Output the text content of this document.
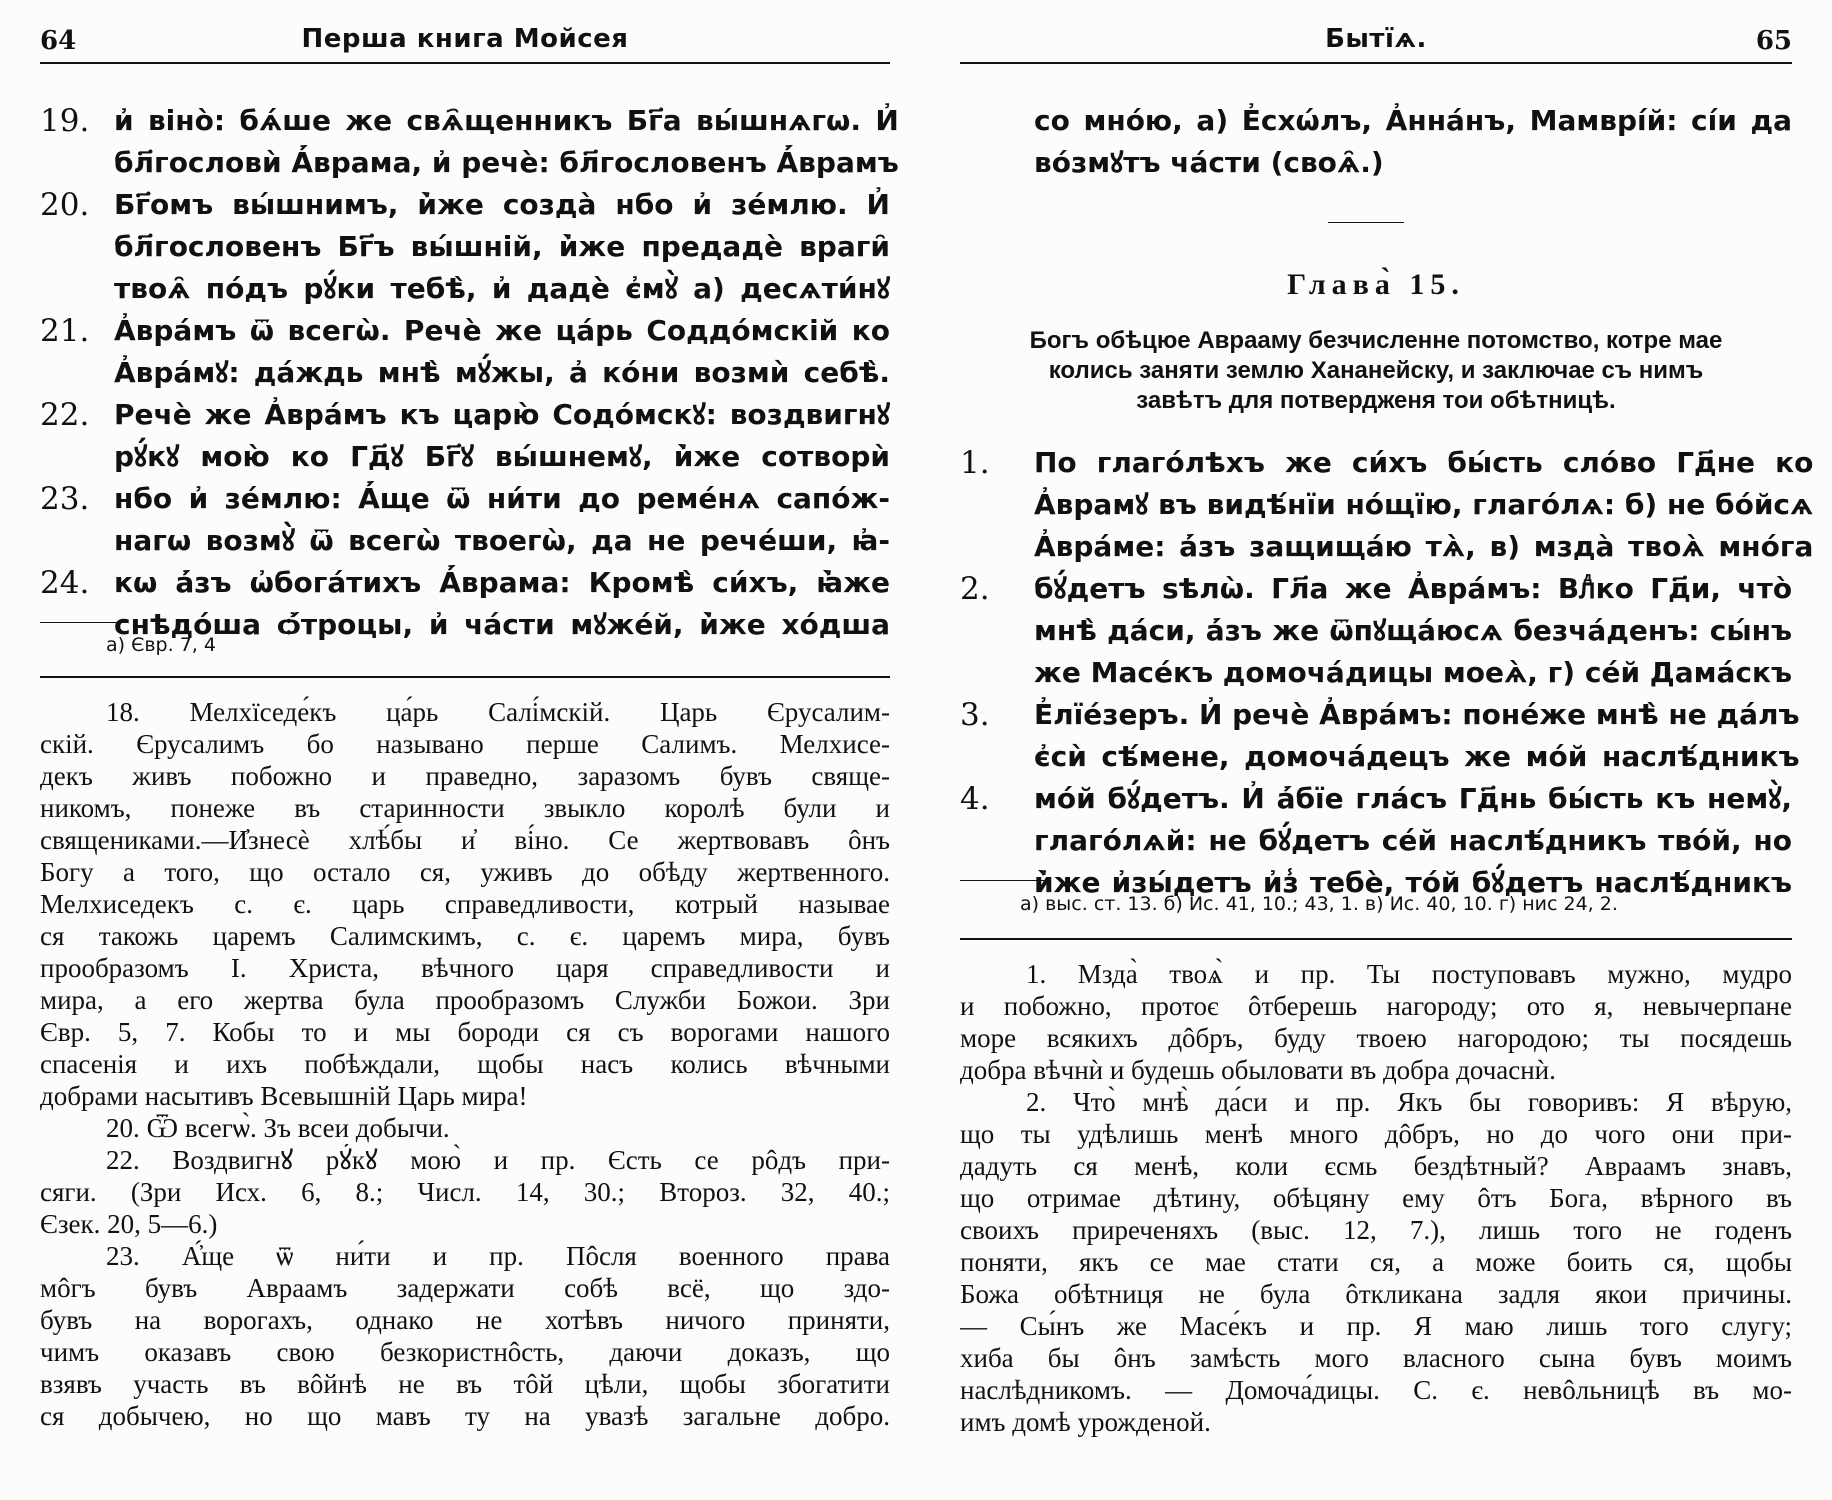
64	Перша книга Мойсея
19. и҆ віно̀: бѧ́ше же свѧ҄щенникъ Бг҃а вы́шнѧгѡ. И҆
бл҃гословѝ А҆́врама, и҆ речѐ: бл҃гословенъ А҆́врамъ
20. Бг҃омъ вы́шнимъ, и҆̀же созда̀ нбо и҆ зе́млю. И҆
бл҃гословенъ Бг҃ъ вы́шній, и҆̀же предадѐ враги̑
твоѧ̑ по́дъ рꙋ́ки тебѣ̀, и҆ дадѐ є҆мꙋ̀ а) десѧти́нꙋ
21. А҆вра́мъ ѿ всегѡ̀. Речѐ же ца́рь Соддо́мскій ко
А҆вра́мꙋ: да́ждь мнѣ̀ мꙋ́жы, а҆ ко́ни возмѝ себѣ̀.
22. Речѐ же А҆вра́мъ къ царю̀ Содо́мскꙋ: воздвигнꙋ
рꙋ́кꙋ мою̀ ко Гд҃ꙋ Бг҃ꙋ вы́шнемꙋ, и҆̀же сотворѝ
23. нбо и҆ зе́млю: А҆́ще ѿ ни́ти до реме́нѧ сапо́ж-
нагѡ возмꙋ̀ ѿ всегѡ̀ твоегѡ̀, да не рече́ши, ꙗ҆-
24. кѡ а҆́зъ ѡ҆бога́тихъ А҆́врама: Кромѣ̀ си́хъ, ꙗ҆̀же
снѣдо́ша ѻ҆́троцы, и҆ ча́сти мꙋже́й, и҆̀же хо́дша
а) Євр. 7, 4
18. Мелхїседе́къ ца́рь Салі́мскій. Царь Єрусалим-
скій. Єрусалимъ бо называно перше Салимъ. Мелхисе-
декъ живъ побожно и праведно, заразомъ бувъ свяще-
никомъ, понеже въ старинности звыкло королѣ були и
священиками.—И҆знесѐ хлѣ́бы и҆ ві́но. Се жертвовавъ ôнъ
Богу а того, що остало ся, уживъ до обѣду жертвенного.
Мелхиседекъ с. є. царь справедливости, котрый называе
ся такожь царемъ Салимскимъ, с. є. царемъ мира, бувъ
прообразомъ І. Христа, вѣчного царя справедливости и
мира, а его жертва була прообразомъ Служби Божои. Зри
Євр. 5, 7. Кобы то и мы бороди ся съ ворогами нашого
спасенія и ихъ побѣждали, щобы насъ колись вѣчными
добрами насытивъ Всевышній Царь мира!
20. Ѿ всегѡ̀. Зъ всеи добычи.
22. Воздвигнꙋ рꙋ́кꙋ мою̀ и пр. Єсть се рôдъ при-
сяги. (Зри Исх. 6, 8.; Числ. 14, 30.; Второз. 32, 40.;
Єзек. 20, 5—6.)
23. А҆́ще ѿ ни́ти и пр. Пôсля военного права
мôгъ бувъ Авраамъ задержати собѣ всё, що здо-
бувъ на ворогахъ, однако не хотѣвъ ничого приняти,
чимъ оказавъ свою безкористнôсть, даючи доказъ, що
взявъ участь въ вôйнѣ не въ тôй цѣли, щобы збогатити
ся добычею, но що мавъ ту на увазѣ загальне добро.
Бытїѧ.	65
со мно́ю, а) Е҆схѡ́лъ, А҆нна́нъ, Мамврі́й: сі́и да
во́змꙋтъ ча́сти (своѧ̑.)
Глава̀ 15.
Богъ обѣцюе Аврааму безчисленне потомство, котре мае
колись заняти землю Хананейску, и заключае съ нимъ
завѣтъ для потвердженя тои обѣтницѣ.
1.	По глаго́лѣхъ же си́хъ бы́сть сло́во Гд҃не ко
А҆врамꙋ въ видѣ́нїи но́щїю, глаго́лѧ: б) не бо́йсѧ
А҆вра́ме: а҆́зъ защища́ю тѧ̀, в) мзда̀ твоѧ̀ мно́га
2.	бꙋ́детъ ѕѣлѡ̀. Гл҃а же А҆вра́мъ: Влⷣко Гд҃и, что̀
мнѣ̀ да́си, а҆́зъ же ѿпꙋща́юсѧ безча́денъ: сы́нъ
же Масе́къ домоча́дицы моеѧ̀, г) се́й Дама́скъ
3.	Е҆лїе́зеръ. И҆ речѐ А҆вра́мъ: поне́же мнѣ̀ не да́лъ
є҆сѝ сѣ́мене, домоча́децъ же мо́й наслѣ́дникъ
4.	мо́й бꙋ́детъ. И҆ а҆́бїе гла́съ Гд҃нь бы́сть къ немꙋ̀,
глаго́лѧй: не бꙋ́детъ се́й наслѣ́дникъ тво́й, но
и҆̀же и҆зы́детъ и҆з̾ тебѐ, то́й бꙋ́детъ наслѣ́дникъ
а) выс. ст. 13. б) Ис. 41, 10.; 43, 1. в) Ис. 40, 10. г) нис 24, 2.
1. Мзда̀ твоѧ̀ и пр. Ты поступовавъ мужно, мудро
и побожно, протоє ôтберешь нагороду; ото я, невычерпане
море всякихъ дôбръ, буду твоею нагородою; ты посядешь
добра вѣчнѝ и будешь обыловати въ добра дочаснѝ.
2. Что̀ мнѣ̀ да́си и пр. Якъ бы говоривъ: Я вѣрую,
що ты удѣлишь менѣ много дôбръ, но до чого они при-
дадуть ся менѣ, коли єсмь бездѣтный? Авраамъ знавъ,
що отримае дѣтину, обѣцяну ему ôтъ Бога, вѣрного въ
своихъ приреченяхъ (выс. 12, 7.), лишь того не годенъ
поняти, якъ се мае стати ся, а може боить ся, щобы
Божа обѣтниця не була ôткликана задля якои причины.
— Сы́нъ же Масе́къ и пр. Я маю лишь того слугу;
хиба бы ôнъ замѣсть мого власного сына бувъ моимъ
наслѣдникомъ. — Домоча́дицы. С. є. невôльницѣ въ мо-
имъ домѣ урожденой.
